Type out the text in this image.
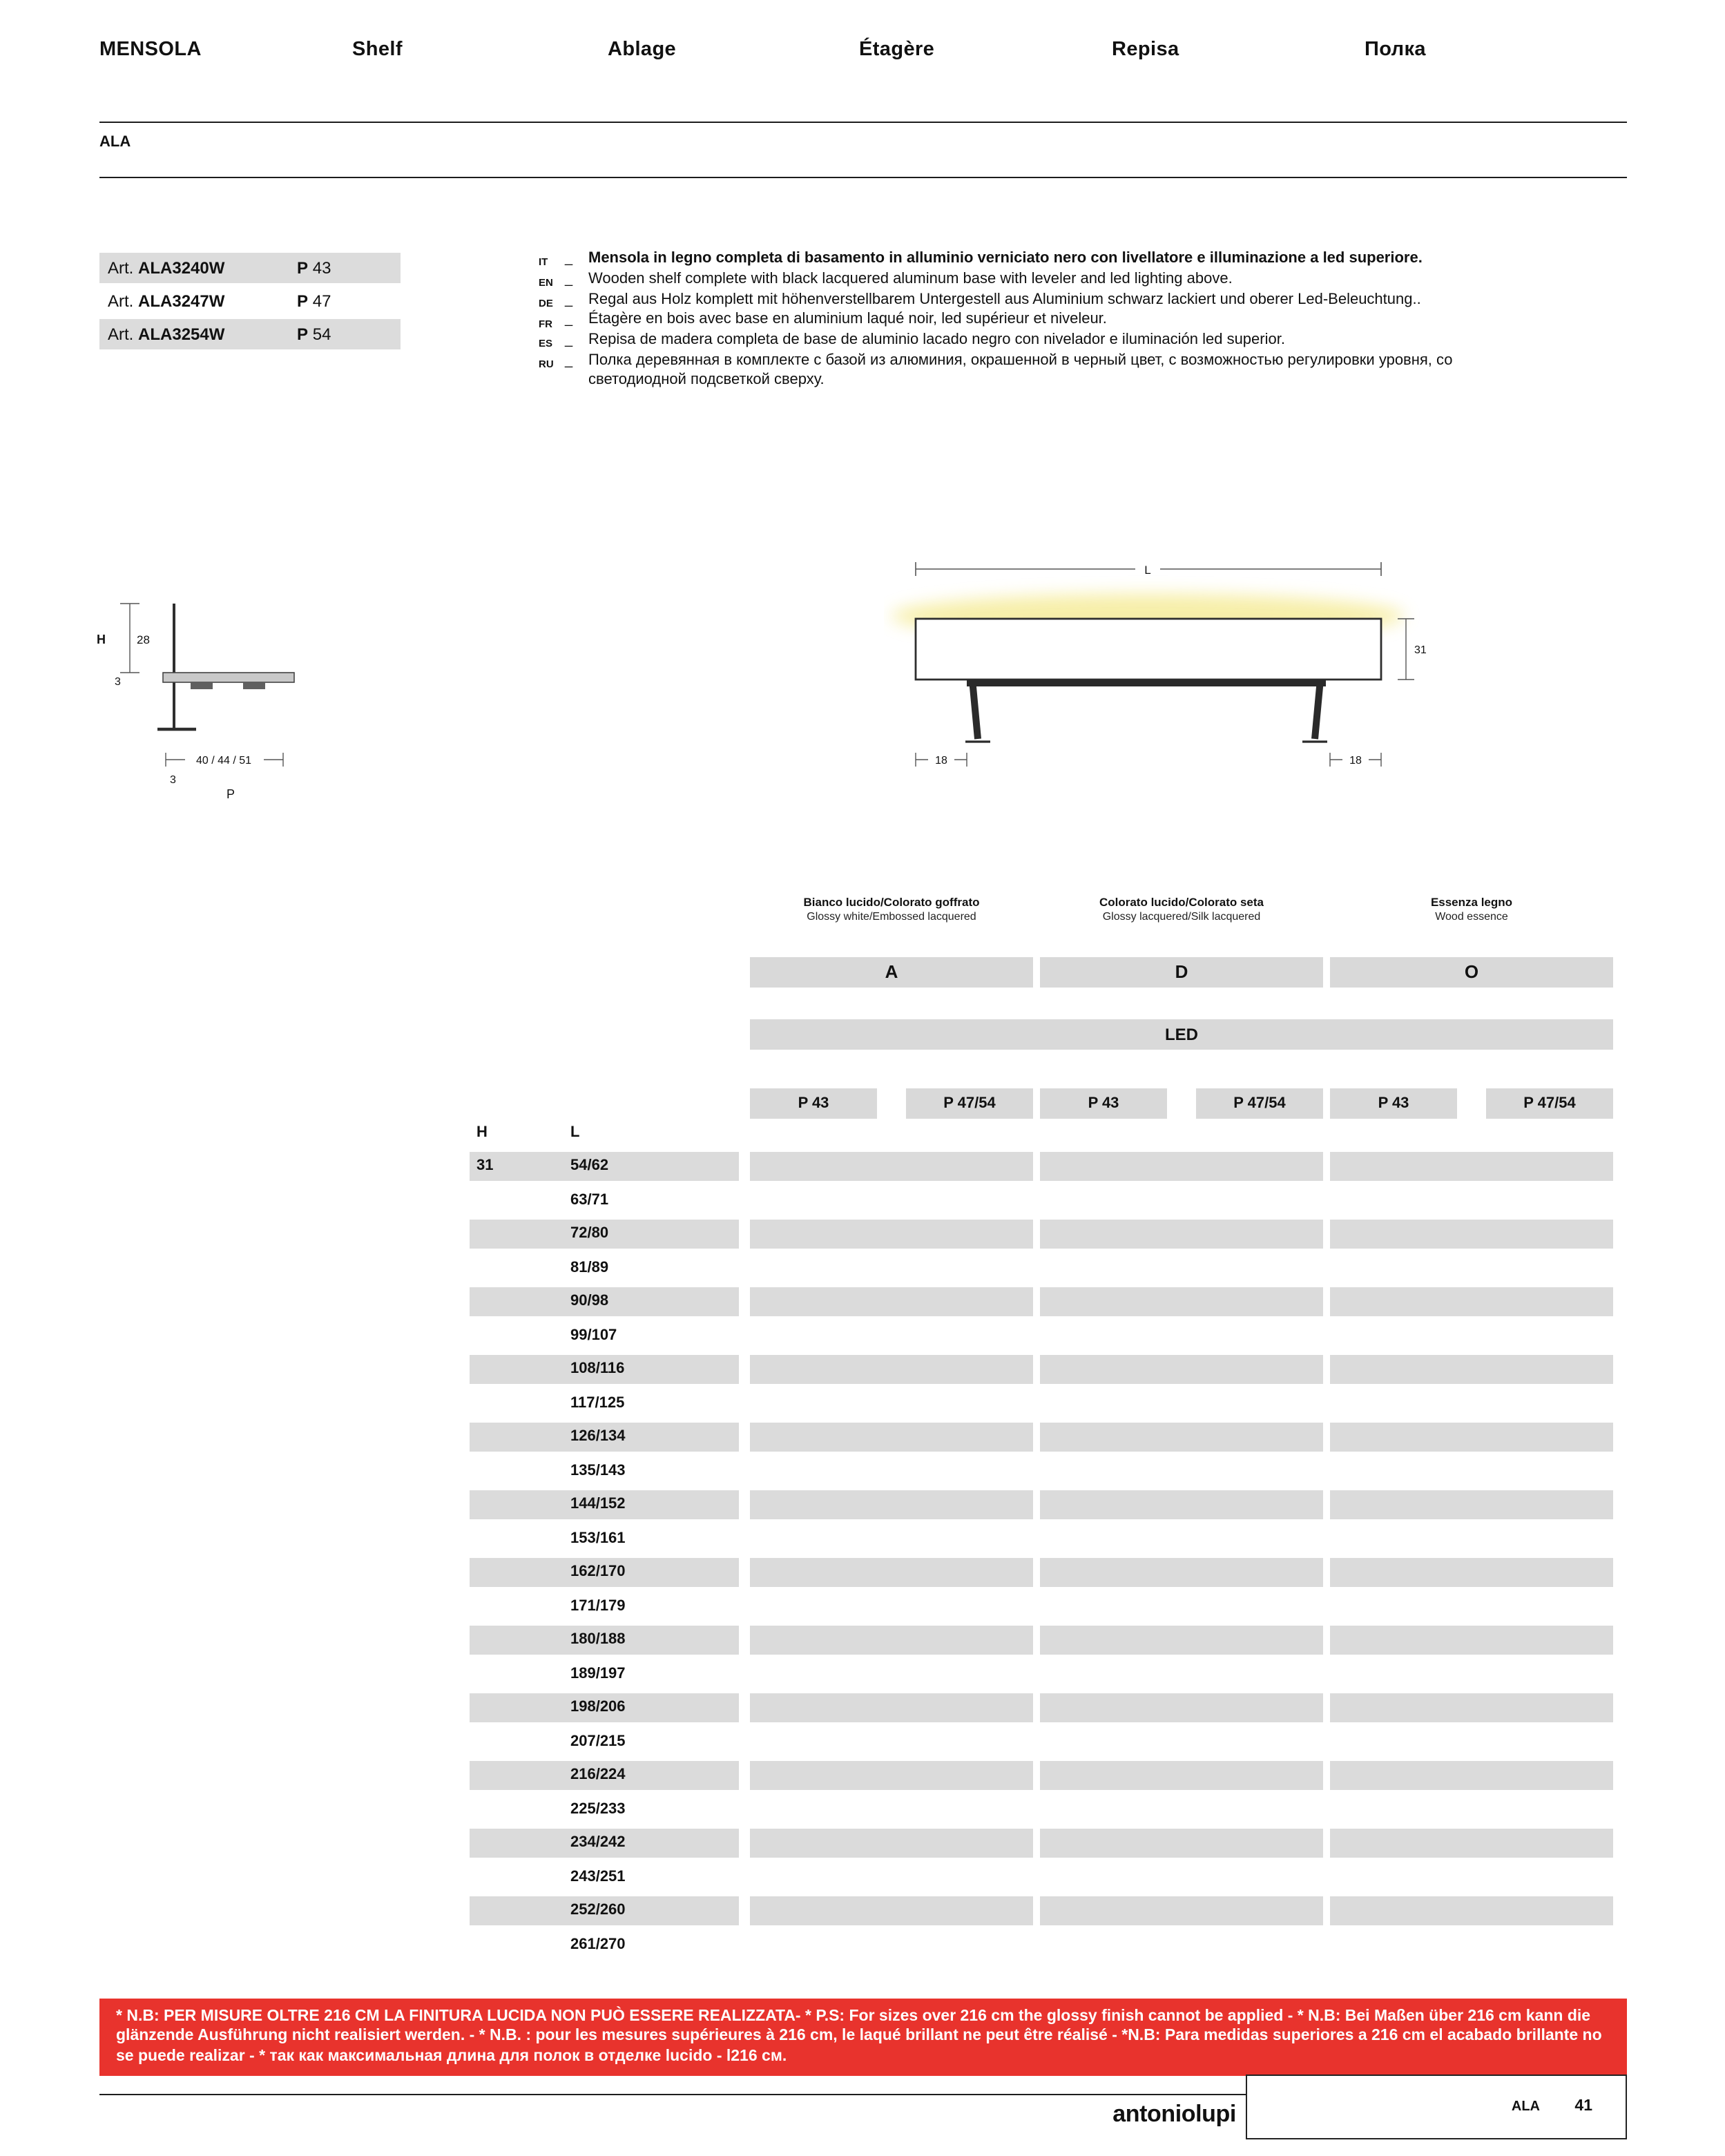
MENSOLA	Shelf	Ablage	Étagère	Repisa	Полка
ALA
Art. ALA3240W	P 43
Art. ALA3247W	P 47
Art. ALA3254W	P 54
IT _ Mensola in legno completa di basamento in alluminio verniciato nero con livellatore e illuminazione a led superiore.
EN _ Wooden shelf complete with black lacquered aluminum base with leveler and led lighting above.
DE _ Regal aus Holz komplett mit höhenverstellbarem Untergestell aus Aluminium schwarz lackiert und oberer Led-Beleuchtung..
FR _ Étagère en bois avec base en aluminium laqué noir, led supérieur et niveleur.
ES _ Repisa de madera completa de base de aluminio lacado negro con nivelador e iluminación led superior.
RU _ Полка деревянная в комплекте с базой из алюминия, окрашенной в черный цвет, с возможностью регулировки уровня, со светодиодной подсветкой сверху.
H	28
3
40 / 44 / 51
3
P
L
31
18	18
Bianco lucido/Colorato goffrato
Glossy white/Embossed lacquered
Colorato lucido/Colorato seta
Glossy lacquered/Silk lacquered
Essenza legno
Wood essence
A	D	O
LED
P 43	P 47/54	P 43	P 47/54	P 43	P 47/54
H	L
31	54/62
63/71
72/80
81/89
90/98
99/107
108/116
117/125
126/134
135/143
144/152
153/161
162/170
171/179
180/188
189/197
198/206
207/215
216/224
225/233
234/242
243/251
252/260
261/270
* N.B: PER MISURE OLTRE 216 CM LA FINITURA LUCIDA NON PUÒ ESSERE REALIZZATA- * P.S: For sizes over 216 cm the glossy finish cannot be applied - * N.B: Bei Maßen über 216 cm kann die glänzende Ausführung nicht realisiert werden. - * N.B. : pour les mesures supérieures à 216 cm, le laqué brillant ne peut être réalisé - *N.B: Para medidas superiores a 216 cm el acabado brillante no se puede realizar - * так как максимальная длина для полок в отделке lucido - l216 см.
antoniolupi	ALA	41
